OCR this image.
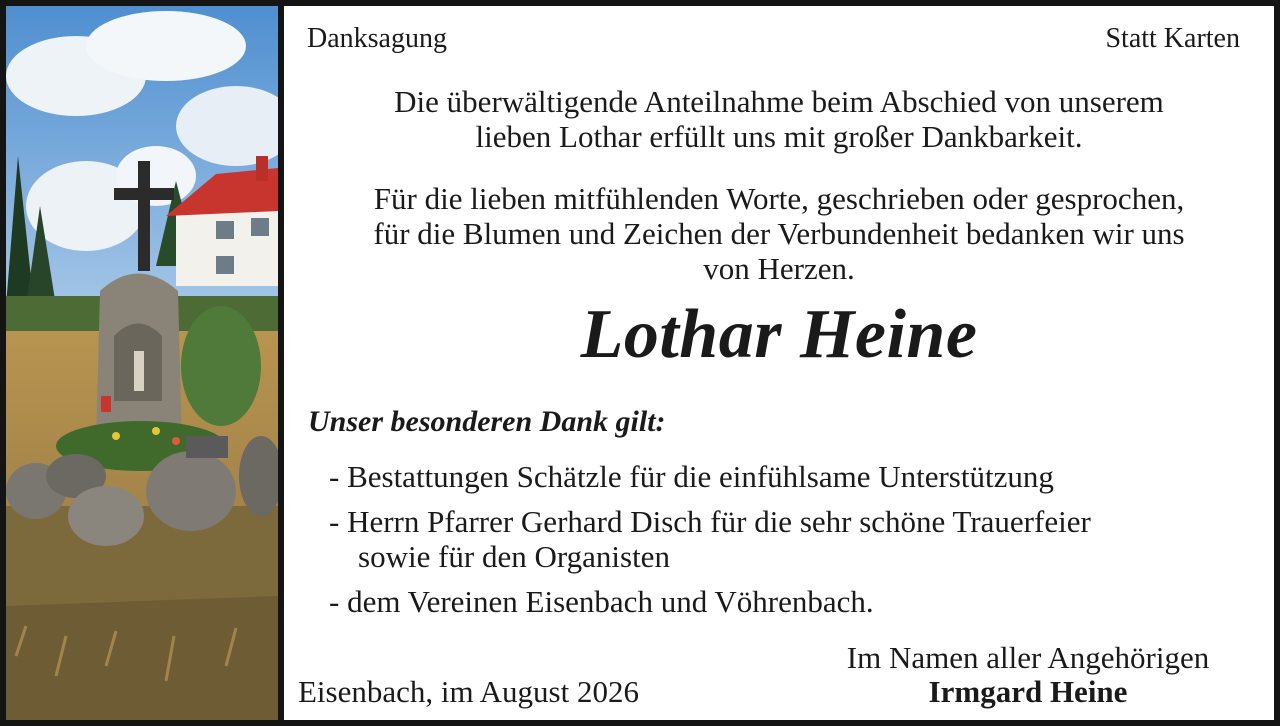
Danksagung	Statt Karten
Die überwältigende Anteilnahme beim Abschied von unserem
lieben Lothar erfüllt uns mit großer Dankbarkeit.
Für die lieben mitfühlenden Worte, geschrieben oder gesprochen,
für die Blumen und Zeichen der Verbundenheit bedanken wir uns
von Herzen.
Lothar Heine
Unser besonderen Dank gilt:
- Bestattungen Schätzle für die einfühlsame Unterstützung
- Herrn Pfarrer Gerhard Disch für die sehr schöne Trauerfeier
sowie für den Organisten
- dem Vereinen Eisenbach und Vöhrenbach.
Eisenbach, im August 2026
Im Namen aller Angehörigen
Irmgard Heine
